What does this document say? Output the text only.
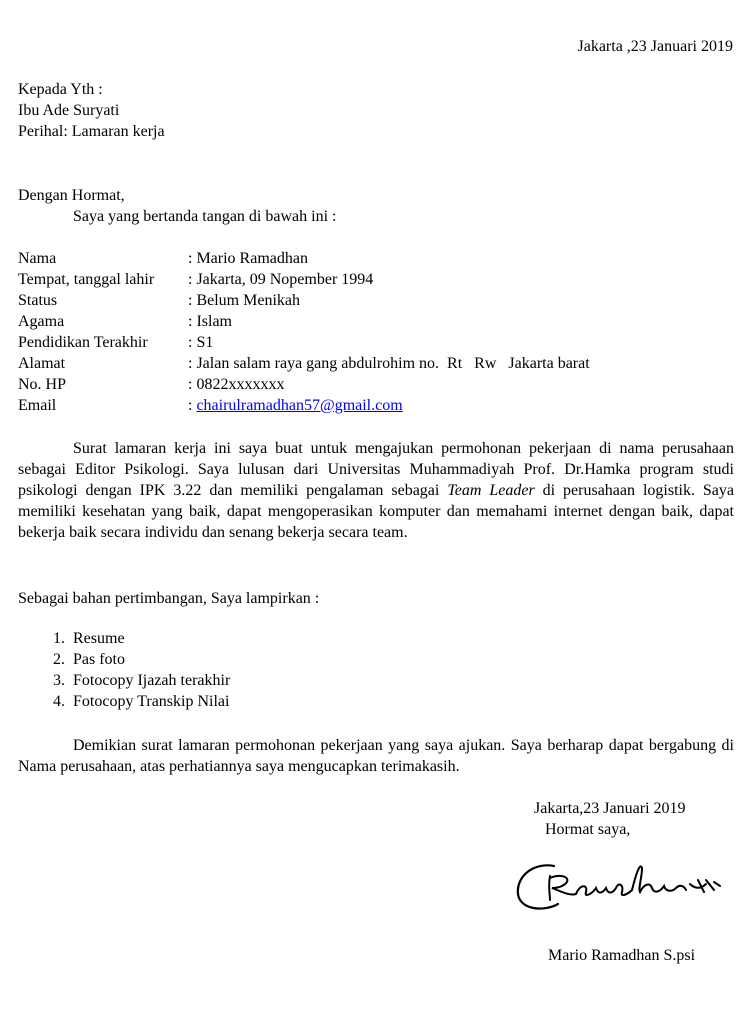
Jakarta ,23 Januari 2019
Kepada Yth :
Ibu Ade Suryati
Perihal: Lamaran kerja
Dengan Hormat,
Saya yang bertanda tangan di bawah ini :
Nama	: Mario Ramadhan
Tempat, tanggal lahir	: Jakarta, 09 Nopember 1994
Status	: Belum Menikah
Agama	: Islam
Pendidikan Terakhir	: S1
Alamat	: Jalan salam raya gang abdulrohim no.  Rt   Rw   Jakarta barat
No. HP	: 0822xxxxxxx
Email	: chairulramadhan57@gmail.com
Surat lamaran kerja ini saya buat untuk mengajukan permohonan pekerjaan di nama perusahaan sebagai Editor Psikologi. Saya lulusan dari Universitas Muhammadiyah Prof. Dr.Hamka program studi psikologi dengan IPK 3.22 dan memiliki pengalaman sebagai Team Leader di perusahaan logistik. Saya memiliki kesehatan yang baik, dapat mengoperasikan komputer dan memahami internet dengan baik, dapat bekerja baik secara individu dan senang bekerja secara team.
Sebagai bahan pertimbangan, Saya lampirkan :
1. Resume
2. Pas foto
3. Fotocopy Ijazah terakhir
4. Fotocopy Transkip Nilai
Demikian surat lamaran permohonan pekerjaan yang saya ajukan. Saya berharap dapat bergabung di Nama perusahaan, atas perhatiannya saya mengucapkan terimakasih.
Jakarta,23 Januari 2019
Hormat saya,
Mario Ramadhan S.psi
